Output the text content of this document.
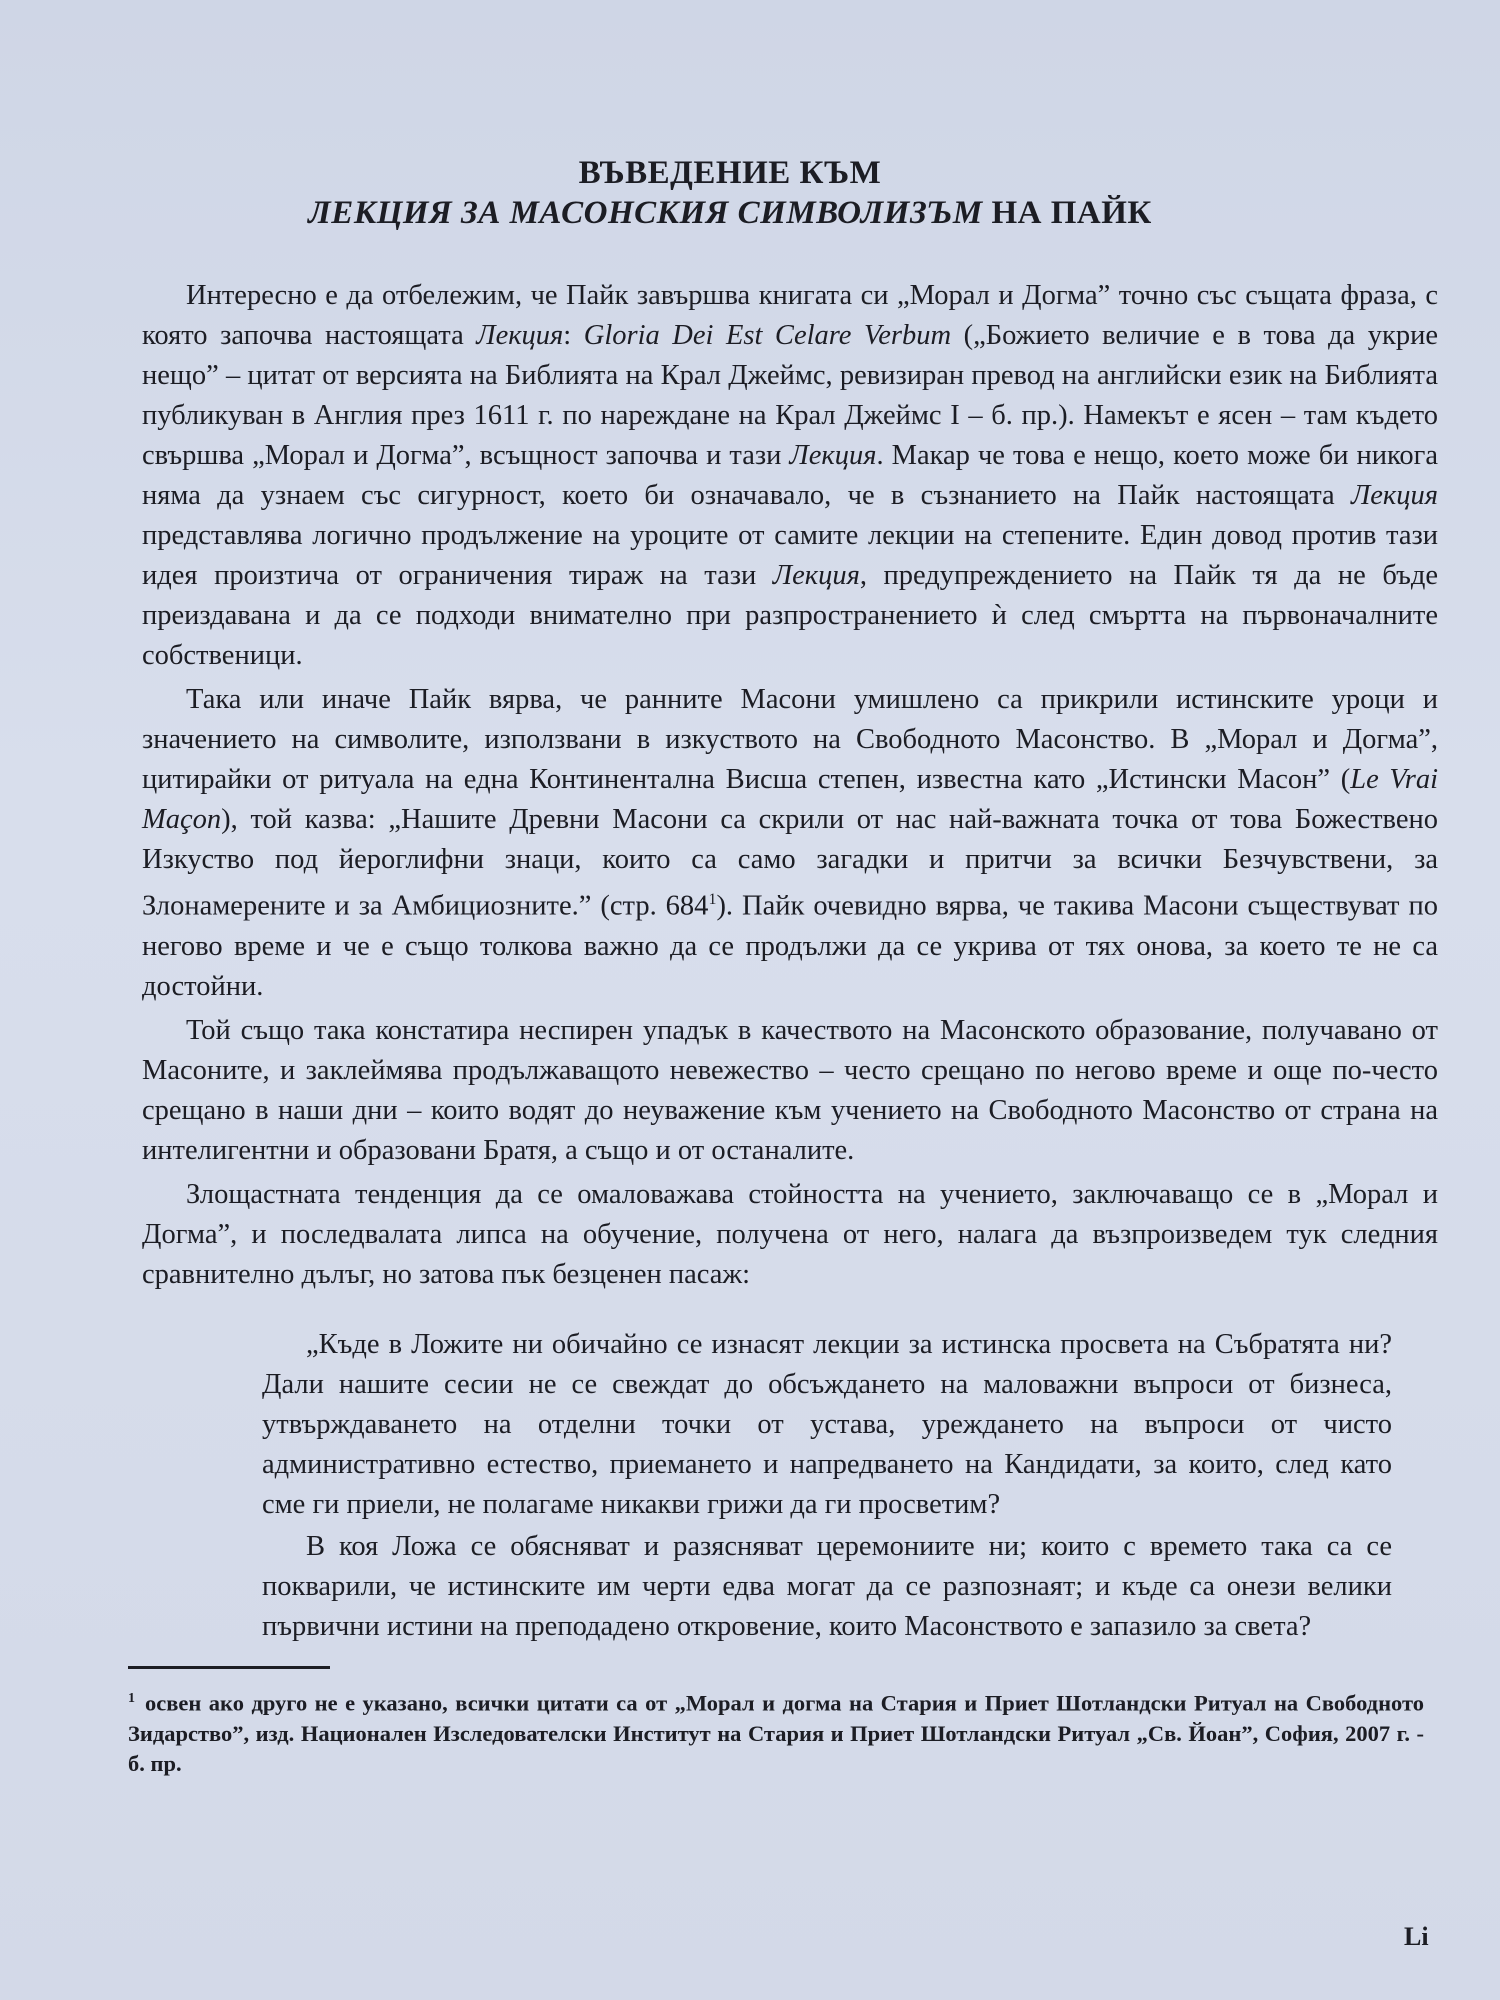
ВЪВЕДЕНИЕ КЪМ
ЛЕКЦИЯ ЗА МАСОНСКИЯ СИМВОЛИЗЪМ НА ПАЙК

Интересно е да отбележим, че Пайк завършва книгата си „Морал и Догма” точно със същата фраза, с която започва настоящата Лекция: Gloria Dei Est Celare Verbum („Божието величие е в това да укрие нещо” – цитат от версията на Библията на Крал Джеймс, ревизиран превод на английски език на Библията публикуван в Англия през 1611 г. по нареждане на Крал Джеймс I – б. пр.). Намекът е ясен – там където свършва „Морал и Догма”, всъщност започва и тази Лекция. Макар че това е нещо, което може би никога няма да узнаем със сигурност, което би означавало, че в съзнанието на Пайк настоящата Лекция представлява логично продължение на уроците от самите лекции на степените. Един довод против тази идея произтича от ограничения тираж на тази Лекция, предупреждението на Пайк тя да не бъде преиздавана и да се подходи внимателно при разпространението ѝ след смъртта на първоначалните собственици.

Така или иначе Пайк вярва, че ранните Масони умишлено са прикрили истинските уроци и значението на символите, използвани в изкуството на Свободното Масонство. В „Морал и Догма”, цитирайки от ритуала на една Континентална Висша степен, известна като „Истински Масон” (Le Vrai Maçon), той казва: „Нашите Древни Масони са скрили от нас най-важната точка от това Божествено Изкуство под йероглифни знаци, които са само загадки и притчи за всички Безчувствени, за Злонамерените и за Амбициозните.” (стр. 684$^1$). Пайк очевидно вярва, че такива Масони съществуват по негово време и че е също толкова важно да се продължи да се укрива от тях онова, за което те не са достойни.

Той също така констатира неспирен упадък в качеството на Масонското образование, получавано от Масоните, и заклеймява продължаващото невежество – често срещано по негово време и още по-често срещано в наши дни – които водят до неуважение към учението на Свободното Масонство от страна на интелигентни и образовани Братя, а също и от останалите.

Злощастната тенденция да се омаловажава стойността на учението, заключаващо се в „Морал и Догма”, и последвалата липса на обучение, получена от него, налага да възпроизведем тук следния сравнително дълъг, но затова пък безценен пасаж:

„Къде в Ложите ни обичайно се изнасят лекции за истинска просвета на Събратята ни? Дали нашите сесии не се свеждат до обсъждането на маловажни въпроси от бизнеса, утвърждаването на отделни точки от устава, уреждането на въпроси от чисто административно естество, приемането и напредването на Кандидати, за които, след като сме ги приели, не полагаме никакви грижи да ги просветим?

В коя Ложа се обясняват и разясняват церемониите ни; които с времето така са се покварили, че истинските им черти едва могат да се разпознаят; и къде са онези велики първични истини на преподадено откровение, които Масонството е запазило за света?

$^1$ освен ако друго не е указано, всички цитати са от „Морал и догма на Стария и Приет Шотландски Ритуал на Свободното Зидарство”, изд. Национален Изследователски Институт на Стария и Приет Шотландски Ритуал „Св. Йоан”, София, 2007 г. - б. пр.
Lі
